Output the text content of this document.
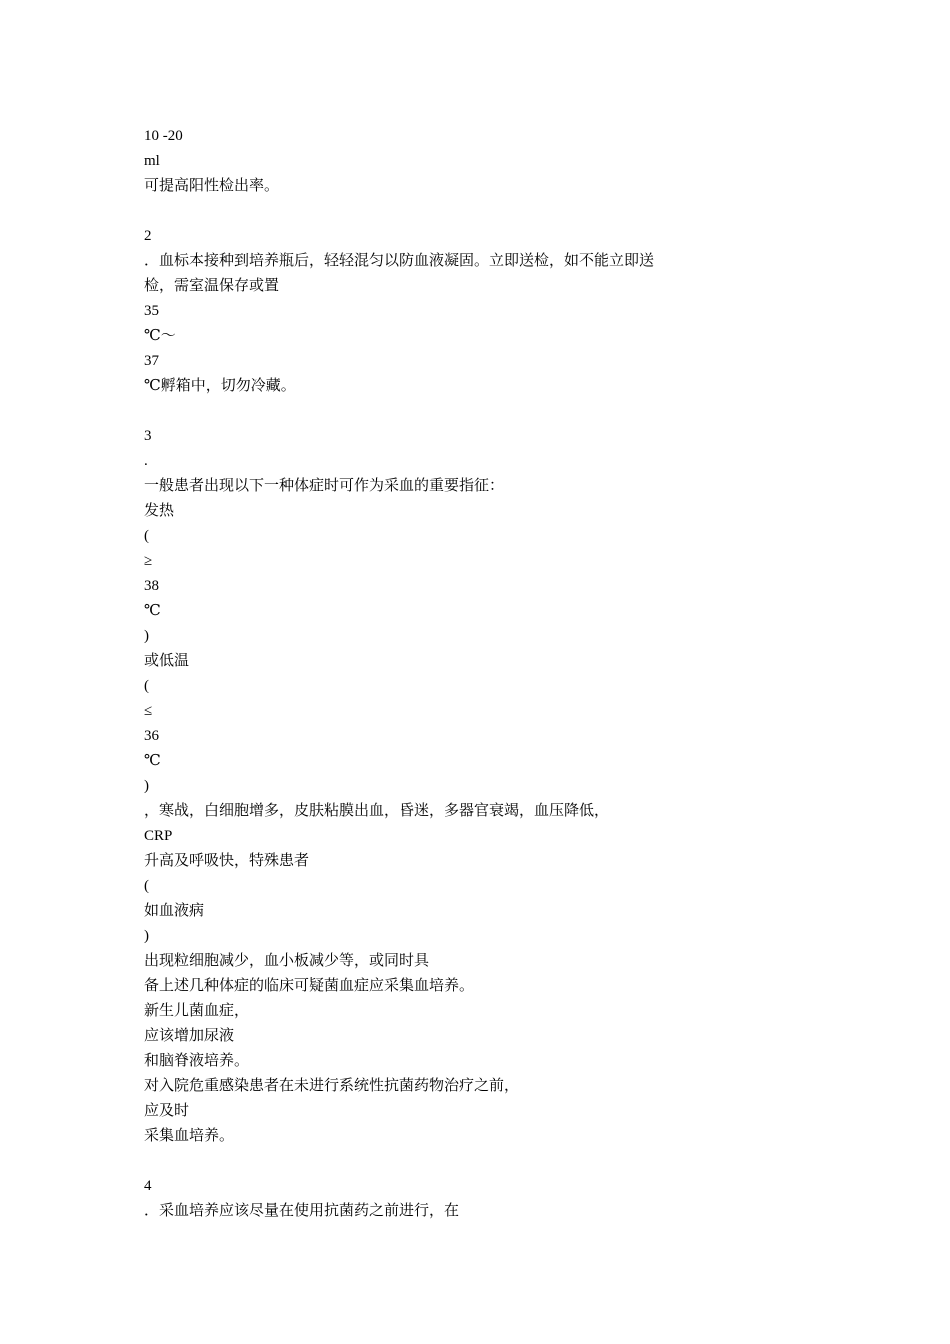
10 -20
ml
可提高阳性检出率。
2
．血标本接种到培养瓶后，轻轻混匀以防血液凝固。立即送检，如不能立即送
检，需室温保存或置
35
℃～
37
℃孵箱中，切勿冷藏。
3
.
一般患者出现以下一种体症时可作为采血的重要指征：
发热
(
≥
38
℃
)
或低温
(
≤
36
℃
)
，寒战，白细胞增多，皮肤粘膜出血，昏迷，多器官衰竭，血压降低，
CRP
升高及呼吸快，特殊患者
(
如血液病
)
出现粒细胞减少，血小板减少等，或同时具
备上述几种体症的临床可疑菌血症应采集血培养。
新生儿菌血症，
应该增加尿液
和脑脊液培养。
对入院危重感染患者在未进行系统性抗菌药物治疗之前，
应及时
采集血培养。
4
．采血培养应该尽量在使用抗菌药之前进行，在
